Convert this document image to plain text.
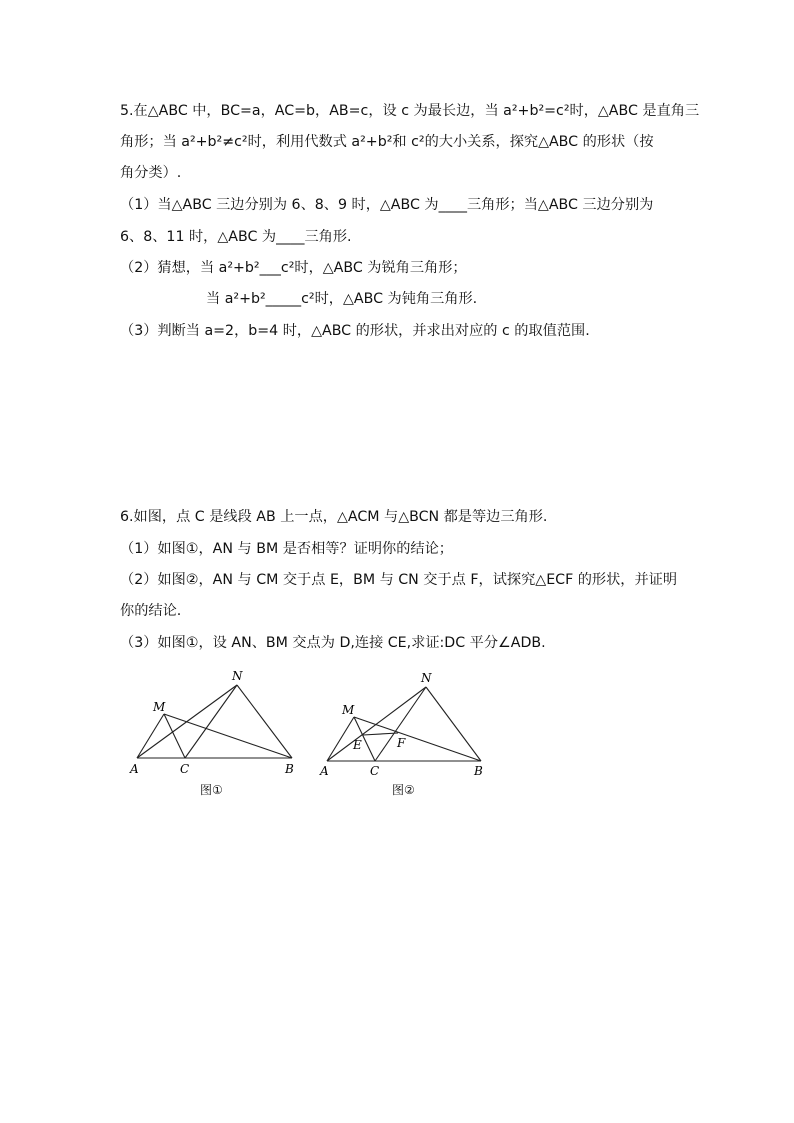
5.在△ABC 中，BC=a，AC=b，AB=c，设 c 为最长边，当 a²+b²=c²时，△ABC 是直角三
角形；当 a²+b²≠c²时，利用代数式 a²+b²和 c²的大小关系，探究△ABC 的形状（按
角分类）.
（1）当△ABC 三边分别为 6、8、9 时，△ABC 为____三角形；当△ABC 三边分别为
6、8、11 时，△ABC 为____三角形.
（2）猜想，当 a²+b²___c²时，△ABC 为锐角三角形；
当 a²+b²_____c²时，△ABC 为钝角三角形.
（3）判断当 a=2，b=4 时，△ABC 的形状，并求出对应的 c 的取值范围.
6.如图，点 C 是线段 AB 上一点，△ACM 与△BCN 都是等边三角形.
（1）如图①，AN 与 BM 是否相等？证明你的结论；
（2）如图②，AN 与 CM 交于点 E，BM 与 CN 交于点 F，试探究△ECF 的形状，并证明
你的结论.
（3）如图①，设 AN、BM 交点为 D,连接 CE,求证:DC 平分∠ADB.
M
N
A	C	B
图①
M
N
E	F
A	C	B
图②
